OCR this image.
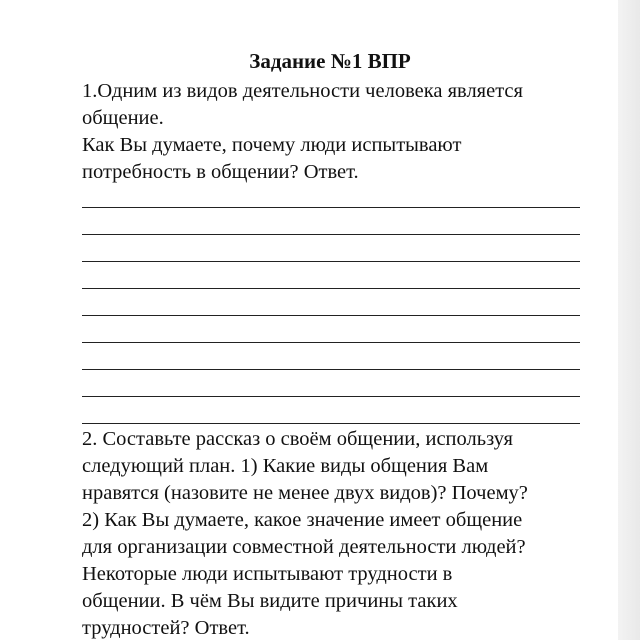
Задание №1 ВПР
1.Одним из видов деятельности человека является
общение.
Как Вы думаете, почему люди испытывают
потребность в общении? Ответ.
2. Составьте рассказ о своём общении, используя
следующий план. 1) Какие виды общения Вам
нравятся (назовите не менее двух видов)? Почему?
2) Как Вы думаете, какое значение имеет общение
для организации совместной деятельности людей?
Некоторые люди испытывают трудности в
общении. В чём Вы видите причины таких
трудностей? Ответ.
